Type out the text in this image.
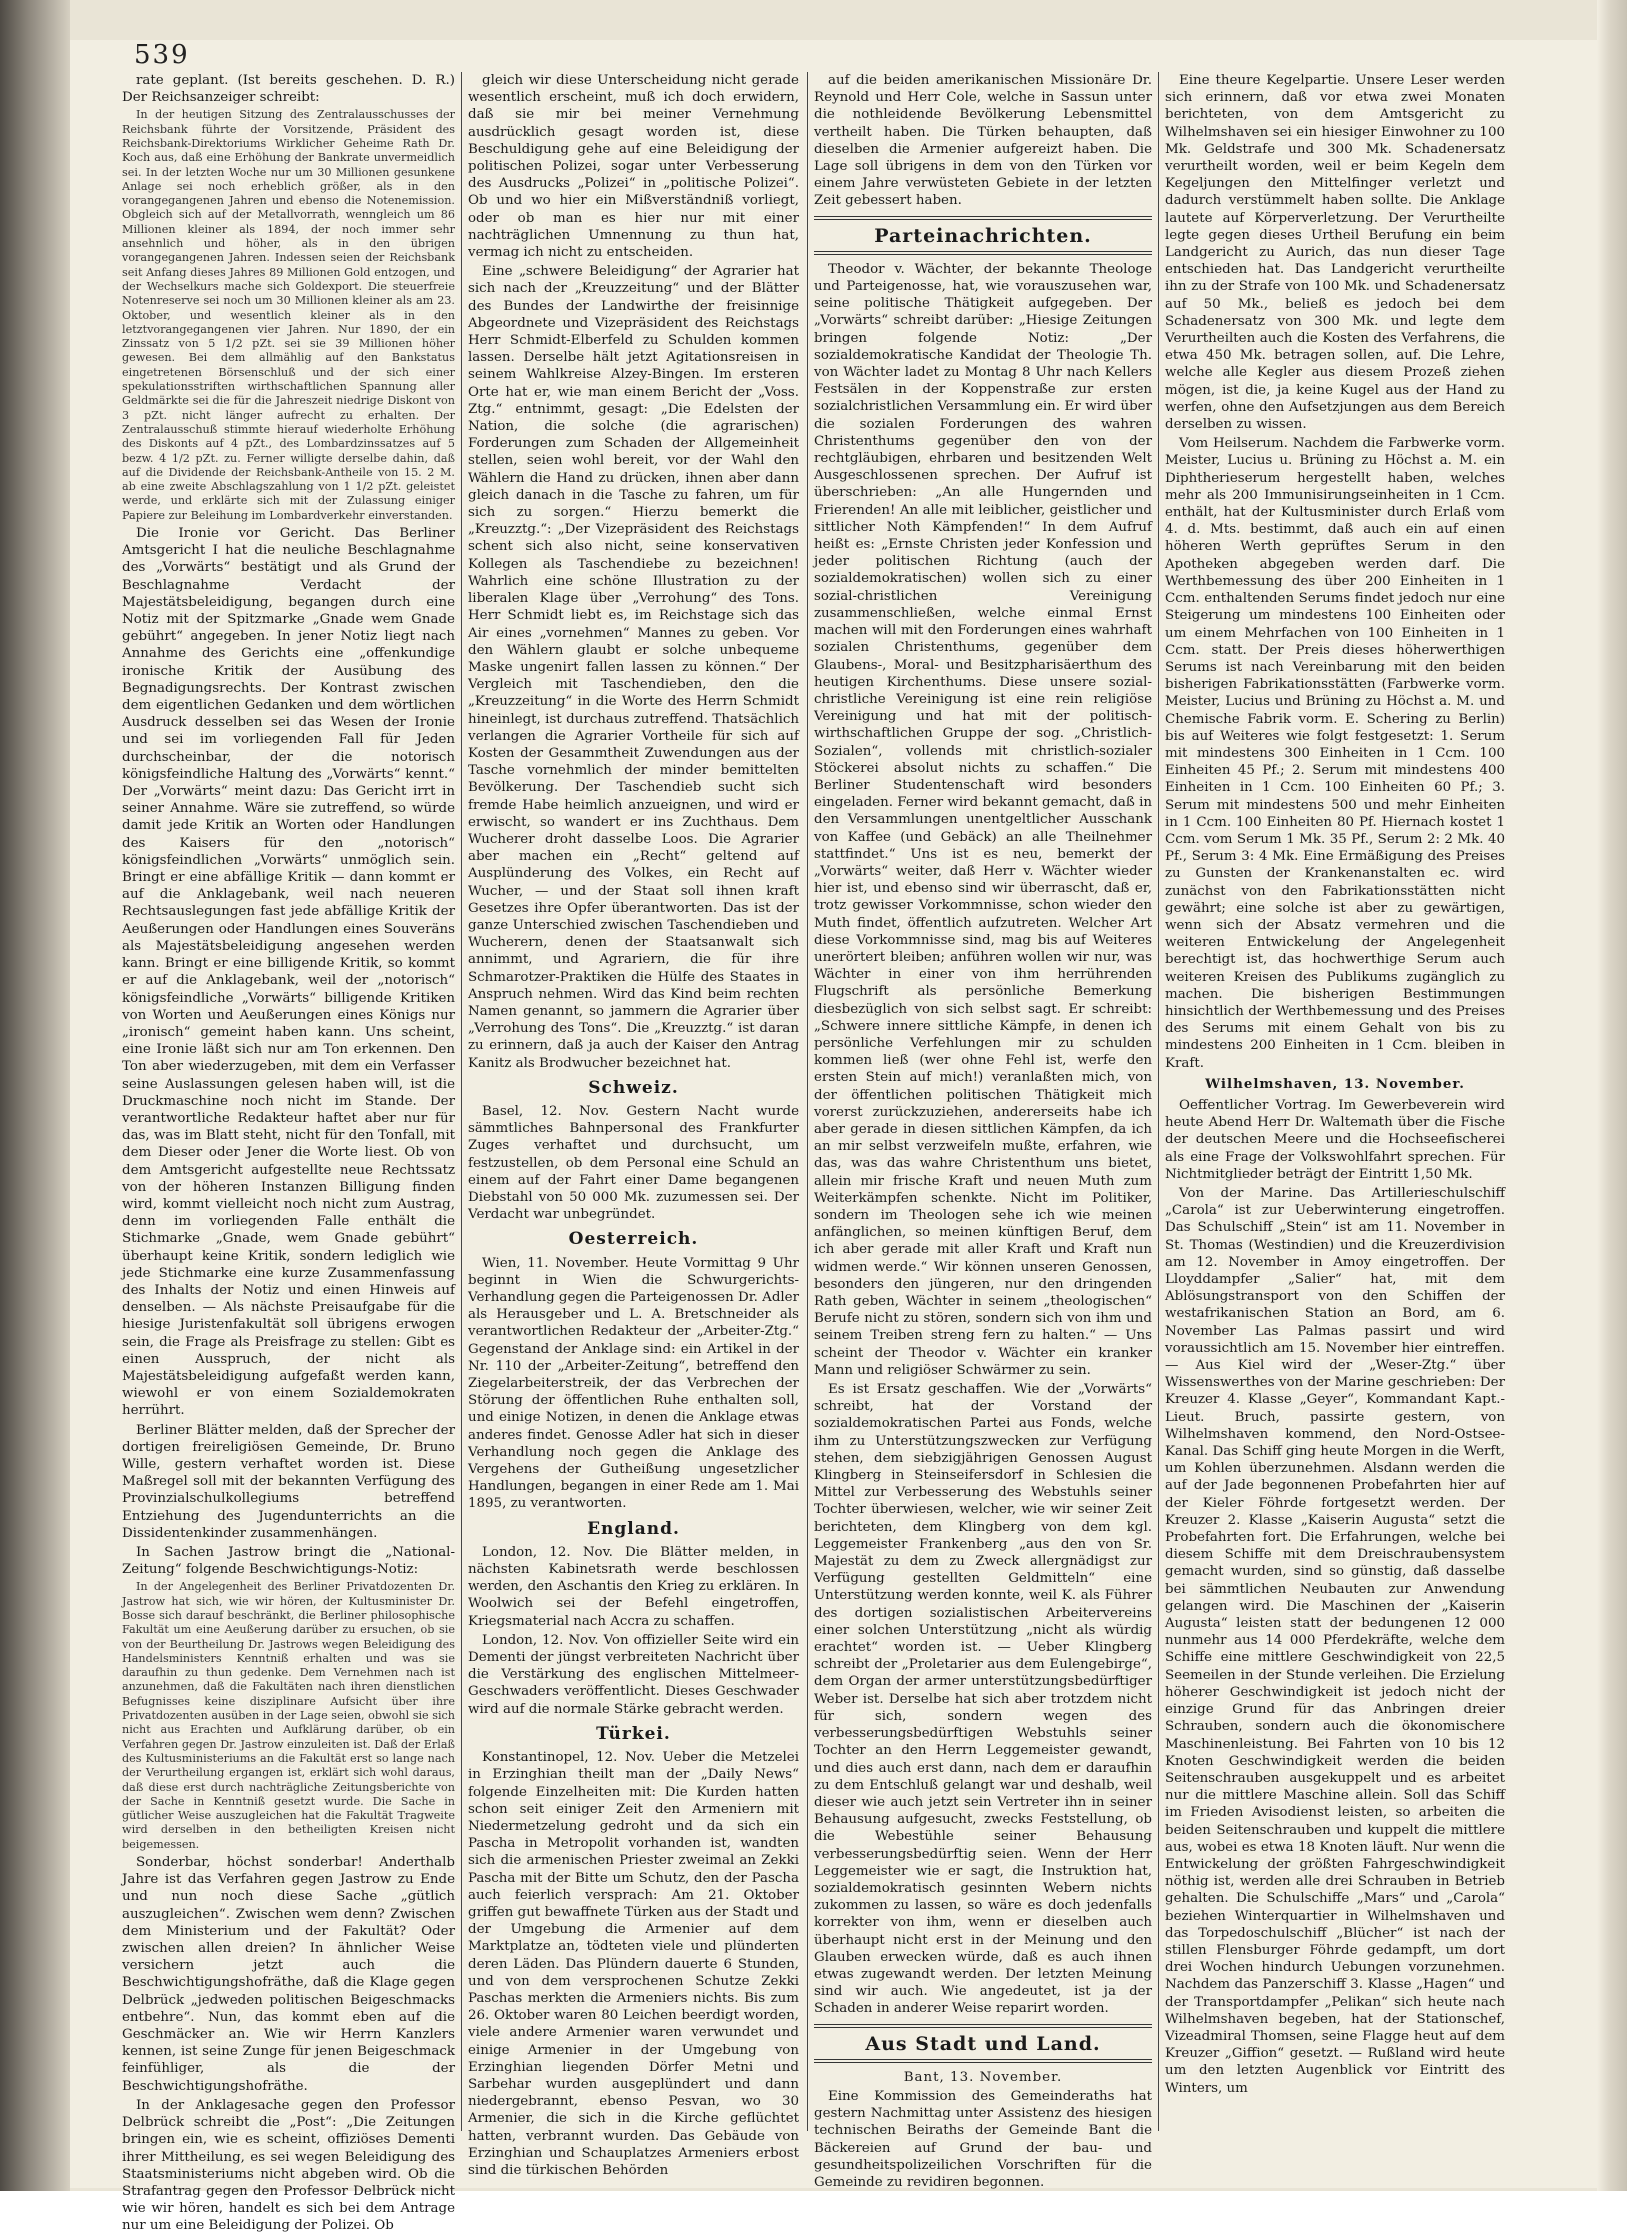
539

rate geplant. (Ist bereits geschehen. D. R.) Der Reichsanzeiger schreibt:

In der heutigen Sitzung des Zentralausschusses der Reichsbank führte der Vorsitzende, Präsident des Reichsbank-Direktoriums Wirklicher Geheime Rath Dr. Koch aus, daß eine Erhöhung der Bankrate unvermeidlich sei. In der letzten Woche nur um 30 Millionen gesunkene Anlage sei noch erheblich größer, als in den vorangegangenen Jahren und ebenso die Notenemission. Obgleich sich auf der Metallvorrath, wenngleich um 86 Millionen kleiner als 1894, der noch immer sehr ansehnlich und höher, als in den übrigen vorangegangenen Jahren. Indessen seien der Reichsbank seit Anfang dieses Jahres 89 Millionen Gold entzogen, und der Wechselkurs mache sich Goldexport. Die steuerfreie Notenreserve sei noch um 30 Millionen kleiner als am 23. Oktober, und wesentlich kleiner als in den letztvorangegangenen vier Jahren. Nur 1890, der ein Zinssatz von 5 1/2 pZt. sei sie 39 Millionen höher gewesen. Bei dem allmählig auf den Bankstatus eingetretenen Börsenschluß und der sich einer spekulationsstriften wirthschaftlichen Spannung aller Geldmärkte sei die für die Jahreszeit niedrige Diskont von 3 pZt. nicht länger aufrecht zu erhalten. Der Zentralausschuß stimmte hierauf wiederholte Erhöhung des Diskonts auf 4 pZt., des Lombardzinssatzes auf 5 bezw. 4 1/2 pZt. zu. Ferner willigte derselbe dahin, daß auf die Dividende der Reichsbank-Antheile von 15. 2 M. ab eine zweite Abschlagszahlung von 1 1/2 pZt. geleistet werde, und erklärte sich mit der Zulassung einiger Papiere zur Beleihung im Lombardverkehr einverstanden.

Die Ironie vor Gericht. Das Berliner Amtsgericht I hat die neuliche Beschlagnahme des „Vorwärts“ bestätigt und als Grund der Beschlagnahme Verdacht der Majestätsbeleidigung, begangen durch eine Notiz mit der Spitzmarke „Gnade wem Gnade gebührt“ angegeben. In jener Notiz liegt nach Annahme des Gerichts eine „offenkundige ironische Kritik der Ausübung des Begnadigungsrechts. Der Kontrast zwischen dem eigentlichen Gedanken und dem wörtlichen Ausdruck desselben sei das Wesen der Ironie und sei im vorliegenden Fall für Jeden durchscheinbar, der die notorisch königsfeindliche Haltung des „Vorwärts“ kennt.“ Der „Vorwärts“ meint dazu: Das Gericht irrt in seiner Annahme. Wäre sie zutreffend, so würde damit jede Kritik an Worten oder Handlungen des Kaisers für den „notorisch“ königsfeindlichen „Vorwärts“ unmöglich sein. Bringt er eine abfällige Kritik — dann kommt er auf die Anklagebank, weil nach neueren Rechtsauslegungen fast jede abfällige Kritik der Aeußerungen oder Handlungen eines Souveräns als Majestätsbeleidigung angesehen werden kann. Bringt er eine billigende Kritik, so kommt er auf die Anklagebank, weil der „notorisch“ königsfeindliche „Vorwärts“ billigende Kritiken von Worten und Aeußerungen eines Königs nur „ironisch“ gemeint haben kann. Uns scheint, eine Ironie läßt sich nur am Ton erkennen. Den Ton aber wiederzugeben, mit dem ein Verfasser seine Auslassungen gelesen haben will, ist die Druckmaschine noch nicht im Stande. Der verantwortliche Redakteur haftet aber nur für das, was im Blatt steht, nicht für den Tonfall, mit dem Dieser oder Jener die Worte liest. Ob von dem Amtsgericht aufgestellte neue Rechtssatz von der höheren Instanzen Billigung finden wird, kommt vielleicht noch nicht zum Austrag, denn im vorliegenden Falle enthält die Stichmarke „Gnade, wem Gnade gebührt“ überhaupt keine Kritik, sondern lediglich wie jede Stichmarke eine kurze Zusammenfassung des Inhalts der Notiz und einen Hinweis auf denselben. — Als nächste Preisaufgabe für die hiesige Juristenfakultät soll übrigens erwogen sein, die Frage als Preisfrage zu stellen: Gibt es einen Ausspruch, der nicht als Majestätsbeleidigung aufgefaßt werden kann, wiewohl er von einem Sozialdemokraten herrührt.

Berliner Blätter melden, daß der Sprecher der dortigen freireligiösen Gemeinde, Dr. Bruno Wille, gestern verhaftet worden ist. Diese Maßregel soll mit der bekannten Verfügung des Provinzialschulkollegiums betreffend Entziehung des Jugendunterrichts an die Dissidentenkinder zusammenhängen.

In Sachen Jastrow bringt die „National-Zeitung“ folgende Beschwichtigungs-Notiz:

In der Angelegenheit des Berliner Privatdozenten Dr. Jastrow hat sich, wie wir hören, der Kultusminister Dr. Bosse sich darauf beschränkt, die Berliner philosophische Fakultät um eine Aeußerung darüber zu ersuchen, ob sie von der Beurtheilung Dr. Jastrows wegen Beleidigung des Handelsministers Kenntniß erhalten und was sie daraufhin zu thun gedenke. Dem Vernehmen nach ist anzunehmen, daß die Fakultäten nach ihren dienstlichen Befugnisses keine disziplinare Aufsicht über ihre Privatdozenten ausüben in der Lage seien, obwohl sie sich nicht aus Erachten und Aufklärung darüber, ob ein Verfahren gegen Dr. Jastrow einzuleiten ist. Daß der Erlaß des Kultusministeriums an die Fakultät erst so lange nach der Verurtheilung ergangen ist, erklärt sich wohl daraus, daß diese erst durch nachträgliche Zeitungsberichte von der Sache in Kenntniß gesetzt wurde. Die Sache in gütlicher Weise auszugleichen hat die Fakultät Tragweite wird derselben in den betheiligten Kreisen nicht beigemessen.

Sonderbar, höchst sonderbar! Anderthalb Jahre ist das Verfahren gegen Jastrow zu Ende und nun noch diese Sache „gütlich auszugleichen“. Zwischen wem denn? Zwischen dem Ministerium und der Fakultät? Oder zwischen allen dreien? In ähnlicher Weise versichern jetzt auch die Beschwichtigungshofräthe, daß die Klage gegen Delbrück „jedweden politischen Beigeschmacks entbehre“. Nun, das kommt eben auf die Geschmäcker an. Wie wir Herrn Kanzlers kennen, ist seine Zunge für jenen Beigeschmack feinfühliger, als die der Beschwichtigungshofräthe.

In der Anklagesache gegen den Professor Delbrück schreibt die „Post“: „Die Zeitungen bringen ein, wie es scheint, offiziöses Dementi ihrer Mittheilung, es sei wegen Beleidigung des Staatsministeriums nicht abgeben wird. Ob die Strafantrag gegen den Professor Delbrück nicht wie wir hören, handelt es sich bei dem Antrage nur um eine Beleidigung der Polizei. Ob

gleich wir diese Unterscheidung nicht gerade wesentlich erscheint, muß ich doch erwidern, daß sie mir bei meiner Vernehmung ausdrücklich gesagt worden ist, diese Beschuldigung gehe auf eine Beleidigung der politischen Polizei, sogar unter Verbesserung des Ausdrucks „Polizei“ in „politische Polizei“. Ob und wo hier ein Mißverständniß vorliegt, oder ob man es hier nur mit einer nachträglichen Umnennung zu thun hat, vermag ich nicht zu entscheiden.

Eine „schwere Beleidigung“ der Agrarier hat sich nach der „Kreuzzeitung“ und der Blätter des Bundes der Landwirthe der freisinnige Abgeordnete und Vizepräsident des Reichstags Herr Schmidt-Elberfeld zu Schulden kommen lassen. Derselbe hält jetzt Agitationsreisen in seinem Wahlkreise Alzey-Bingen. Im ersteren Orte hat er, wie man einem Bericht der „Voss. Ztg.“ entnimmt, gesagt: „Die Edelsten der Nation, die solche (die agrarischen) Forderungen zum Schaden der Allgemeinheit stellen, seien wohl bereit, vor der Wahl den Wählern die Hand zu drücken, ihnen aber dann gleich danach in die Tasche zu fahren, um für sich zu sorgen.“ Hierzu bemerkt die „Kreuzztg.“: „Der Vizepräsident des Reichstags schent sich also nicht, seine konservativen Kollegen als Taschendiebe zu bezeichnen! Wahrlich eine schöne Illustration zu der liberalen Klage über „Verrohung“ des Tons. Herr Schmidt liebt es, im Reichstage sich das Air eines „vornehmen“ Mannes zu geben. Vor den Wählern glaubt er solche unbequeme Maske ungenirt fallen lassen zu können.“ Der Vergleich mit Taschendieben, den die „Kreuzzeitung“ in die Worte des Herrn Schmidt hineinlegt, ist durchaus zutreffend. Thatsächlich verlangen die Agrarier Vortheile für sich auf Kosten der Gesammtheit Zuwendungen aus der Tasche vornehmlich der minder bemittelten Bevölkerung. Der Taschendieb sucht sich fremde Habe heimlich anzueignen, und wird er erwischt, so wandert er ins Zuchthaus. Dem Wucherer droht dasselbe Loos. Die Agrarier aber machen ein „Recht“ geltend auf Ausplünderung des Volkes, ein Recht auf Wucher, — und der Staat soll ihnen kraft Gesetzes ihre Opfer überantworten. Das ist der ganze Unterschied zwischen Taschendieben und Wucherern, denen der Staatsanwalt sich annimmt, und Agrariern, die für ihre Schmarotzer-Praktiken die Hülfe des Staates in Anspruch nehmen. Wird das Kind beim rechten Namen genannt, so jammern die Agrarier über „Verrohung des Tons“. Die „Kreuzztg.“ ist daran zu erinnern, daß ja auch der Kaiser den Antrag Kanitz als Brodwucher bezeichnet hat.

Schweiz.

Basel, 12. Nov. Gestern Nacht wurde sämmtliches Bahnpersonal des Frankfurter Zuges verhaftet und durchsucht, um festzustellen, ob dem Personal eine Schuld an einem auf der Fahrt einer Dame begangenen Diebstahl von 50 000 Mk. zuzumessen sei. Der Verdacht war unbegründet.

Oesterreich.

Wien, 11. November. Heute Vormittag 9 Uhr beginnt in Wien die Schwurgerichts-Verhandlung gegen die Parteigenossen Dr. Adler als Herausgeber und L. A. Bretschneider als verantwortlichen Redakteur der „Arbeiter-Ztg.“ Gegenstand der Anklage sind: ein Artikel in der Nr. 110 der „Arbeiter-Zeitung“, betreffend den Ziegelarbeiterstreik, der das Verbrechen der Störung der öffentlichen Ruhe enthalten soll, und einige Notizen, in denen die Anklage etwas anderes findet. Genosse Adler hat sich in dieser Verhandlung noch gegen die Anklage des Vergehens der Gutheißung ungesetzlicher Handlungen, begangen in einer Rede am 1. Mai 1895, zu verantworten.

England.

London, 12. Nov. Die Blätter melden, in nächsten Kabinetsrath werde beschlossen werden, den Aschantis den Krieg zu erklären. In Woolwich sei der Befehl eingetroffen, Kriegsmaterial nach Accra zu schaffen.

London, 12. Nov. Von offizieller Seite wird ein Dementi der jüngst verbreiteten Nachricht über die Verstärkung des englischen Mittelmeer-Geschwaders veröffentlicht. Dieses Geschwader wird auf die normale Stärke gebracht werden.

Türkei.

Konstantinopel, 12. Nov. Ueber die Metzelei in Erzinghian theilt man der „Daily News“ folgende Einzelheiten mit: Die Kurden hatten schon seit einiger Zeit den Armeniern mit Niedermetzelung gedroht und da sich ein Pascha in Metropolit vorhanden ist, wandten sich die armenischen Priester zweimal an Zekki Pascha mit der Bitte um Schutz, den der Pascha auch feierlich versprach: Am 21. Oktober griffen gut bewaffnete Türken aus der Stadt und der Umgebung die Armenier auf dem Marktplatze an, tödteten viele und plünderten deren Läden. Das Plündern dauerte 6 Stunden, und von dem versprochenen Schutze Zekki Paschas merkten die Armeniers nichts. Bis zum 26. Oktober waren 80 Leichen beerdigt worden, viele andere Armenier waren verwundet und einige Armenier in der Umgebung von Erzinghian liegenden Dörfer Metni und Sarbehar wurden ausgeplündert und dann niedergebrannt, ebenso Pesvan, wo 30 Armenier, die sich in die Kirche geflüchtet hatten, verbrannt wurden. Das Gebäude von Erzinghian und Schauplatzes Armeniers erbost sind die türkischen Behörden

auf die beiden amerikanischen Missionäre Dr. Reynold und Herr Cole, welche in Sassun unter die nothleidende Bevölkerung Lebensmittel vertheilt haben. Die Türken behaupten, daß dieselben die Armenier aufgereizt haben. Die Lage soll übrigens in dem von den Türken vor einem Jahre verwüsteten Gebiete in der letzten Zeit gebessert haben.

Parteinachrichten.

Theodor v. Wächter, der bekannte Theologe und Parteigenosse, hat, wie vorauszusehen war, seine politische Thätigkeit aufgegeben. Der „Vorwärts“ schreibt darüber: „Hiesige Zeitungen bringen folgende Notiz: „Der sozialdemokratische Kandidat der Theologie Th. von Wächter ladet zu Montag 8 Uhr nach Kellers Festsälen in der Koppenstraße zur ersten sozialchristlichen Versammlung ein. Er wird über die sozialen Forderungen des wahren Christenthums gegenüber den von der rechtgläubigen, ehrbaren und besitzenden Welt Ausgeschlossenen sprechen. Der Aufruf ist überschrieben: „An alle Hungernden und Frierenden! An alle mit leiblicher, geistlicher und sittlicher Noth Kämpfenden!“ In dem Aufruf heißt es: „Ernste Christen jeder Konfession und jeder politischen Richtung (auch der sozialdemokratischen) wollen sich zu einer sozial-christlichen Vereinigung zusammenschließen, welche einmal Ernst machen will mit den Forderungen eines wahrhaft sozialen Christenthums, gegenüber dem Glaubens-, Moral- und Besitzpharisäerthum des heutigen Kirchenthums. Diese unsere sozial-christliche Vereinigung ist eine rein religiöse Vereinigung und hat mit der politisch-wirthschaftlichen Gruppe der sog. „Christlich-Sozialen“, vollends mit christlich-sozialer Stöckerei absolut nichts zu schaffen.“ Die Berliner Studentenschaft wird besonders eingeladen. Ferner wird bekannt gemacht, daß in den Versammlungen unentgeltlicher Ausschank von Kaffee (und Gebäck) an alle Theilnehmer stattfindet.“ Uns ist es neu, bemerkt der „Vorwärts“ weiter, daß Herr v. Wächter wieder hier ist, und ebenso sind wir überrascht, daß er, trotz gewisser Vorkommnisse, schon wieder den Muth findet, öffentlich aufzutreten. Welcher Art diese Vorkommnisse sind, mag bis auf Weiteres unerörtert bleiben; anführen wollen wir nur, was Wächter in einer von ihm herrührenden Flugschrift als persönliche Bemerkung diesbezüglich von sich selbst sagt. Er schreibt: „Schwere innere sittliche Kämpfe, in denen ich persönliche Verfehlungen mir zu schulden kommen ließ (wer ohne Fehl ist, werfe den ersten Stein auf mich!) veranlaßten mich, von der öffentlichen politischen Thätigkeit mich vorerst zurückzuziehen, andererseits habe ich aber gerade in diesen sittlichen Kämpfen, da ich an mir selbst verzweifeln mußte, erfahren, wie das, was das wahre Christenthum uns bietet, allein mir frische Kraft und neuen Muth zum Weiterkämpfen schenkte. Nicht im Politiker, sondern im Theologen sehe ich wie meinen anfänglichen, so meinen künftigen Beruf, dem ich aber gerade mit aller Kraft und Kraft nun widmen werde.“ Wir können unseren Genossen, besonders den jüngeren, nur den dringenden Rath geben, Wächter in seinem „theologischen“ Berufe nicht zu stören, sondern sich von ihm und seinem Treiben streng fern zu halten.“ — Uns scheint der Theodor v. Wächter ein kranker Mann und religiöser Schwärmer zu sein.

Es ist Ersatz geschaffen. Wie der „Vorwärts“ schreibt, hat der Vorstand der sozialdemokratischen Partei aus Fonds, welche ihm zu Unterstützungszwecken zur Verfügung stehen, dem siebzigjährigen Genossen August Klingberg in Steinseifersdorf in Schlesien die Mittel zur Verbesserung des Webstuhls seiner Tochter überwiesen, welcher, wie wir seiner Zeit berichteten, dem Klingberg von dem kgl. Leggemeister Frankenberg „aus den von Sr. Majestät zu dem zu Zweck allergnädigst zur Verfügung gestellten Geldmitteln“ eine Unterstützung werden konnte, weil K. als Führer des dortigen sozialistischen Arbeitervereins einer solchen Unterstützung „nicht als würdig erachtet“ worden ist. — Ueber Klingberg schreibt der „Proletarier aus dem Eulengebirge“, dem Organ der armer unterstützungsbedürftiger Weber ist. Derselbe hat sich aber trotzdem nicht für sich, sondern wegen des verbesserungsbedürftigen Webstuhls seiner Tochter an den Herrn Leggemeister gewandt, und dies auch erst dann, nach dem er daraufhin zu dem Entschluß gelangt war und deshalb, weil dieser wie auch jetzt sein Vertreter ihn in seiner Behausung aufgesucht, zwecks Feststellung, ob die Webestühle seiner Behausung verbesserungsbedürftig seien. Wenn der Herr Leggemeister wie er sagt, die Instruktion hat, sozialdemokratisch gesinnten Webern nichts zukommen zu lassen, so wäre es doch jedenfalls korrekter von ihm, wenn er dieselben auch überhaupt nicht erst in der Meinung und den Glauben erwecken würde, daß es auch ihnen etwas zugewandt werden. Der letzten Meinung sind wir auch. Wie angedeutet, ist ja der Schaden in anderer Weise reparirt worden.

Aus Stadt und Land.
Bant, 13. November.

Eine Kommission des Gemeinderaths hat gestern Nachmittag unter Assistenz des hiesigen technischen Beiraths der Gemeinde Bant die Bäckereien auf Grund der bau- und gesundheitspolizeilichen Vorschriften für die Gemeinde zu revidiren begonnen.

Eine theure Kegelpartie. Unsere Leser werden sich erinnern, daß vor etwa zwei Monaten berichteten, von dem Amtsgericht zu Wilhelmshaven sei ein hiesiger Einwohner zu 100 Mk. Geldstrafe und 300 Mk. Schadenersatz verurtheilt worden, weil er beim Kegeln dem Kegeljungen den Mittelfinger verletzt und dadurch verstümmelt haben sollte. Die Anklage lautete auf Körperverletzung. Der Verurtheilte legte gegen dieses Urtheil Berufung ein beim Landgericht zu Aurich, das nun dieser Tage entschieden hat. Das Landgericht verurtheilte ihn zu der Strafe von 100 Mk. und Schadenersatz auf 50 Mk., beließ es jedoch bei dem Schadenersatz von 300 Mk. und legte dem Verurtheilten auch die Kosten des Verfahrens, die etwa 450 Mk. betragen sollen, auf. Die Lehre, welche alle Kegler aus diesem Prozeß ziehen mögen, ist die, ja keine Kugel aus der Hand zu werfen, ohne den Aufsetzjungen aus dem Bereich derselben zu wissen.

Vom Heilserum. Nachdem die Farbwerke vorm. Meister, Lucius u. Brüning zu Höchst a. M. ein Diphtherieserum hergestellt haben, welches mehr als 200 Immunisirungseinheiten in 1 Ccm. enthält, hat der Kultusminister durch Erlaß vom 4. d. Mts. bestimmt, daß auch ein auf einen höheren Werth geprüftes Serum in den Apotheken abgegeben werden darf. Die Werthbemessung des über 200 Einheiten in 1 Ccm. enthaltenden Serums findet jedoch nur eine Steigerung um mindestens 100 Einheiten oder um einem Mehrfachen von 100 Einheiten in 1 Ccm. statt. Der Preis dieses höherwerthigen Serums ist nach Vereinbarung mit den beiden bisherigen Fabrikationsstätten (Farbwerke vorm. Meister, Lucius und Brüning zu Höchst a. M. und Chemische Fabrik vorm. E. Schering zu Berlin) bis auf Weiteres wie folgt festgesetzt: 1. Serum mit mindestens 300 Einheiten in 1 Ccm. 100 Einheiten 45 Pf.; 2. Serum mit mindestens 400 Einheiten in 1 Ccm. 100 Einheiten 60 Pf.; 3. Serum mit mindestens 500 und mehr Einheiten in 1 Ccm. 100 Einheiten 80 Pf. Hiernach kostet 1 Ccm. vom Serum 1 Mk. 35 Pf., Serum 2: 2 Mk. 40 Pf., Serum 3: 4 Mk. Eine Ermäßigung des Preises zu Gunsten der Krankenanstalten ec. wird zunächst von den Fabrikationsstätten nicht gewährt; eine solche ist aber zu gewärtigen, wenn sich der Absatz vermehren und die weiteren Entwickelung der Angelegenheit berechtigt ist, das hochwerthige Serum auch weiteren Kreisen des Publikums zugänglich zu machen. Die bisherigen Bestimmungen hinsichtlich der Werthbemessung und des Preises des Serums mit einem Gehalt von bis zu mindestens 200 Einheiten in 1 Ccm. bleiben in Kraft.

Wilhelmshaven, 13. November.

Oeffentlicher Vortrag. Im Gewerbeverein wird heute Abend Herr Dr. Waltemath über die Fische der deutschen Meere und die Hochseefischerei als eine Frage der Volkswohlfahrt sprechen. Für Nichtmitglieder beträgt der Eintritt 1,50 Mk.

Von der Marine. Das Artillerieschulschiff „Carola“ ist zur Ueberwinterung eingetroffen. Das Schulschiff „Stein“ ist am 11. November in St. Thomas (Westindien) und die Kreuzerdivision am 12. November in Amoy eingetroffen. Der Lloyddampfer „Salier“ hat, mit dem Ablösungstransport von den Schiffen der westafrikanischen Station an Bord, am 6. November Las Palmas passirt und wird voraussichtlich am 15. November hier eintreffen. — Aus Kiel wird der „Weser-Ztg.“ über Wissenswerthes von der Marine geschrieben: Der Kreuzer 4. Klasse „Geyer“, Kommandant Kapt.-Lieut. Bruch, passirte gestern, von Wilhelmshaven kommend, den Nord-Ostsee-Kanal. Das Schiff ging heute Morgen in die Werft, um Kohlen überzunehmen. Alsdann werden die auf der Jade begonnenen Probefahrten hier auf der Kieler Föhrde fortgesetzt werden. Der Kreuzer 2. Klasse „Kaiserin Augusta“ setzt die Probefahrten fort. Die Erfahrungen, welche bei diesem Schiffe mit dem Dreischraubensystem gemacht wurden, sind so günstig, daß dasselbe bei sämmtlichen Neubauten zur Anwendung gelangen wird. Die Maschinen der „Kaiserin Augusta“ leisten statt der bedungenen 12 000 nunmehr aus 14 000 Pferdekräfte, welche dem Schiffe eine mittlere Geschwindigkeit von 22,5 Seemeilen in der Stunde verleihen. Die Erzielung höherer Geschwindigkeit ist jedoch nicht der einzige Grund für das Anbringen dreier Schrauben, sondern auch die ökonomischere Maschinenleistung. Bei Fahrten von 10 bis 12 Knoten Geschwindigkeit werden die beiden Seitenschrauben ausgekuppelt und es arbeitet nur die mittlere Maschine allein. Soll das Schiff im Frieden Avisodienst leisten, so arbeiten die beiden Seitenschrauben und kuppelt die mittlere aus, wobei es etwa 18 Knoten läuft. Nur wenn die Entwickelung der größten Fahrgeschwindigkeit nöthig ist, werden alle drei Schrauben in Betrieb gehalten. Die Schulschiffe „Mars“ und „Carola“ beziehen Winterquartier in Wilhelmshaven und das Torpedoschulschiff „Blücher“ ist nach der stillen Flensburger Föhrde gedampft, um dort drei Wochen hindurch Uebungen vorzunehmen. Nachdem das Panzerschiff 3. Klasse „Hagen“ und der Transportdampfer „Pelikan“ sich heute nach Wilhelmshaven begeben, hat der Stationschef, Vizeadmiral Thomsen, seine Flagge heut auf dem Kreuzer „Giffion“ gesetzt. — Rußland wird heute um den letzten Augenblick vor Eintritt des Winters, um
